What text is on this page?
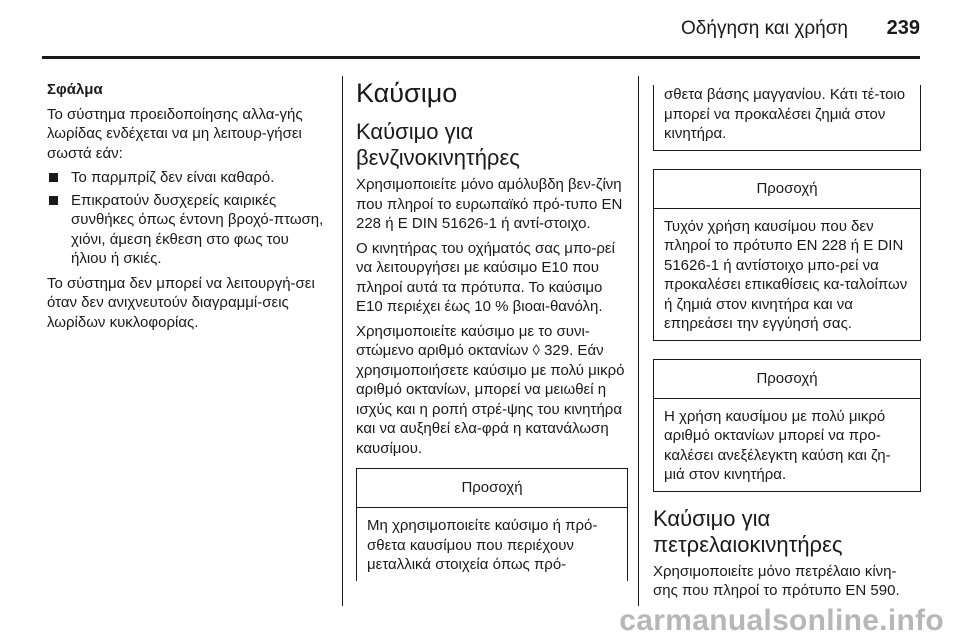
Οδήγηση και χρήση 239

Σφάλμα

Το σύστημα προειδοποίησης αλλα-γής λωρίδας ενδέχεται να μη λειτουρ-γήσει σωστά εάν:

Το παρμπρίζ δεν είναι καθαρό.
Επικρατούν δυσχερείς καιρικές συνθήκες όπως έντονη βροχό-πτωση, χιόνι, άμεση έκθεση στο φως του ήλιου ή σκιές.

Το σύστημα δεν μπορεί να λειτουργή-σει όταν δεν ανιχνευτούν διαγραμμί-σεις λωρίδων κυκλοφορίας.

Καύσιμο
Καύσιμο για βενζινοκινητήρες

Χρησιμοποιείτε μόνο αμόλυβδη βεν-ζίνη που πληροί το ευρωπαϊκό πρό-τυπο EN 228 ή E DIN 51626-1 ή αντί-στοιχο.

Ο κινητήρας του οχήματός σας μπο-ρεί να λειτουργήσει με καύσιμο E10 που πληροί αυτά τα πρότυπα. Το καύσιμο E10 περιέχει έως 10 % βιοαι-θανόλη.

Χρησιμοποιείτε καύσιμο με το συνι-στώμενο αριθμό οκτανίων ◊ 329. Εάν χρησιμοποιήσετε καύσιμο με πολύ μικρό αριθμό οκτανίων, μπορεί να μειωθεί η ισχύς και η ροπή στρέ-ψης του κινητήρα και να αυξηθεί ελα-φρά η κατανάλωση καυσίμου.

Προσοχή
Μη χρησιμοποιείτε καύσιμο ή πρό-σθετα καυσίμου που περιέχουν μεταλλικά στοιχεία όπως πρό-
σθετα βάσης μαγγανίου. Κάτι τέ-τοιο μπορεί να προκαλέσει ζημιά στον κινητήρα.
Προσοχή
Τυχόν χρήση καυσίμου που δεν πληροί το πρότυπο EN 228 ή E DIN 51626-1 ή αντίστοιχο μπο-ρεί να προκαλέσει επικαθίσεις κα-ταλοίπων ή ζημιά στον κινητήρα και να επηρεάσει την εγγύησή σας.
Προσοχή
Η χρήση καυσίμου με πολύ μικρό αριθμό οκτανίων μπορεί να προ-καλέσει ανεξέλεγκτη καύση και ζη-μιά στον κινητήρα.
Καύσιμο για πετρελαιοκινητήρες

Χρησιμοποιείτε μόνο πετρέλαιο κίνη-σης που πληροί το πρότυπο EN 590.

carmanualsonline.info
